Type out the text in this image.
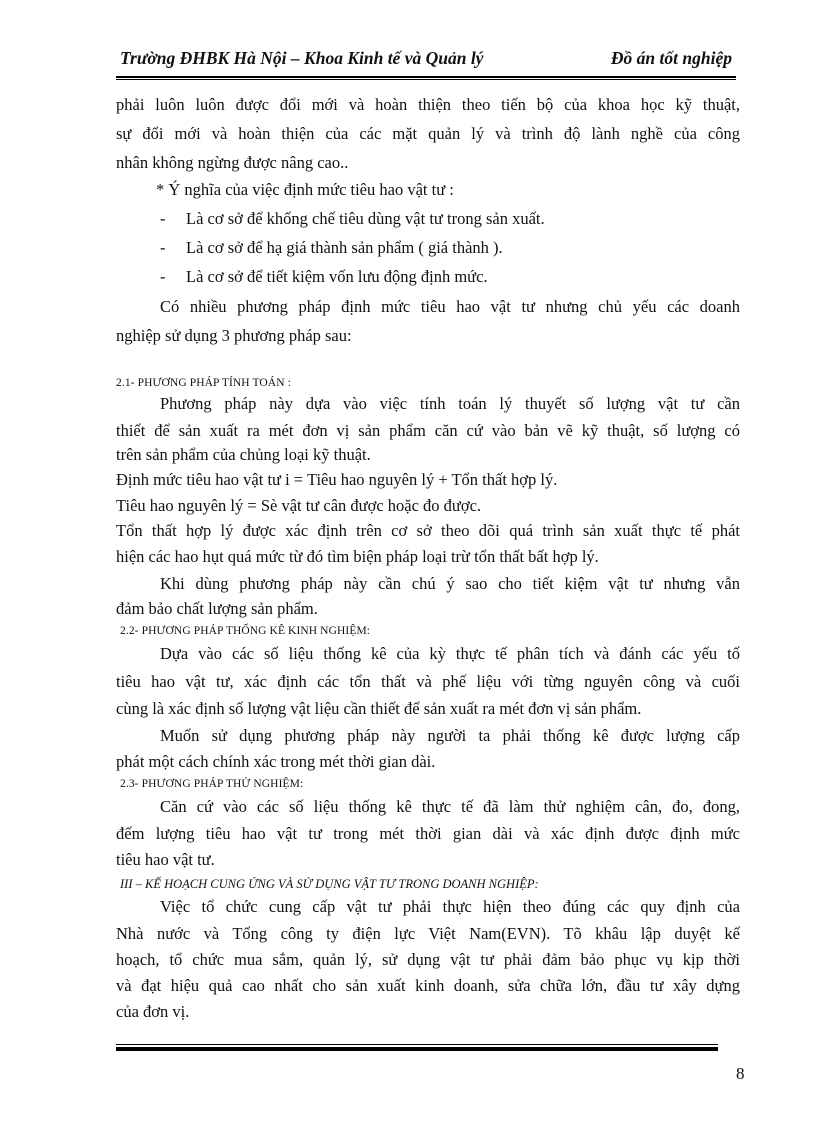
Trường ĐHBK Hà Nội – Khoa Kinh tế và Quản lý	Đồ án tốt nghiệp
phải luôn luôn được đổi mới và hoàn thiện theo tiến bộ của khoa học kỹ thuật,
sự đổi mới và hoàn thiện của các mặt quản lý và trình độ lành nghề của công
nhân không ngừng được nâng cao..
* Ý nghĩa của việc định mức tiêu hao vật tư :
- Là cơ sở để khống chế tiêu dùng vật tư trong sản xuất.
- Là cơ sở để hạ giá thành sản phẩm ( giá thành ).
- Là cơ sở để tiết kiệm vốn lưu động định mức.
Có nhiều phương pháp định mức tiêu hao vật tư nhưng chủ yếu các doanh
nghiệp sử dụng 3 phương pháp sau:
2.1- PHƯƠNG PHÁP TÍNH TOÁN :
Phương pháp này dựa vào việc tính toán lý thuyết số lượng vật tư cần
thiết để sản xuất ra mét đơn vị sản phẩm căn cứ vào bản vẽ kỹ thuật, số lượng có
trên sản phẩm của chủng loại kỹ thuật.
Định mức tiêu hao vật tư i = Tiêu hao nguyên lý + Tổn thất hợp lý.
Tiêu hao nguyên lý = Sè vật tư cân được hoặc đo được.
Tổn thất hợp lý được xác định trên cơ sở theo dõi quá trình sản xuất thực tế phát
hiện các hao hụt quá mức từ đó tìm biện pháp loại trừ tổn thất bất hợp lý.
Khi dùng phương pháp này cần chú ý sao cho tiết kiệm vật tư nhưng vẫn
đảm bảo chất lượng sản phẩm.
2.2- PHƯƠNG PHÁP THỐNG KÊ KINH NGHIỆM:
Dựa vào các số liệu thống kê của kỳ thực tế phân tích và đánh các yếu tố
tiêu hao vật tư, xác định các tổn thất và phế liệu với từng nguyên công và cuối
cùng là xác định số lượng vật liệu cần thiết để sản xuất ra mét đơn vị sản phẩm.
Muốn sử dụng phương pháp này người ta phải thống kê được lượng cấp
phát một cách chính xác trong mét thời gian dài.
2.3- PHƯƠNG PHÁP THỬ NGHIỆM:
Căn cứ vào các số liệu thống kê thực tế đã làm thử nghiệm cân, đo, đong,
đếm lượng tiêu hao vật tư trong mét thời gian dài và xác định được định mức
tiêu hao vật tư.
III – KẾ HOẠCH CUNG ỨNG VÀ SỬ DỤNG VẬT TƯ TRONG DOANH NGHIỆP:
Việc tổ chức cung cấp vật tư phải thực hiện theo đúng các quy định của
Nhà nước và Tổng công ty điện lực Việt Nam(EVN). Tõ khâu lập duyệt kế
hoạch, tổ chức mua sắm, quản lý, sử dụng vật tư phải đảm bảo phục vụ kịp thời
và đạt hiệu quả cao nhất cho sản xuất kinh doanh, sửa chữa lớn, đầu tư xây dựng
của đơn vị.
8
